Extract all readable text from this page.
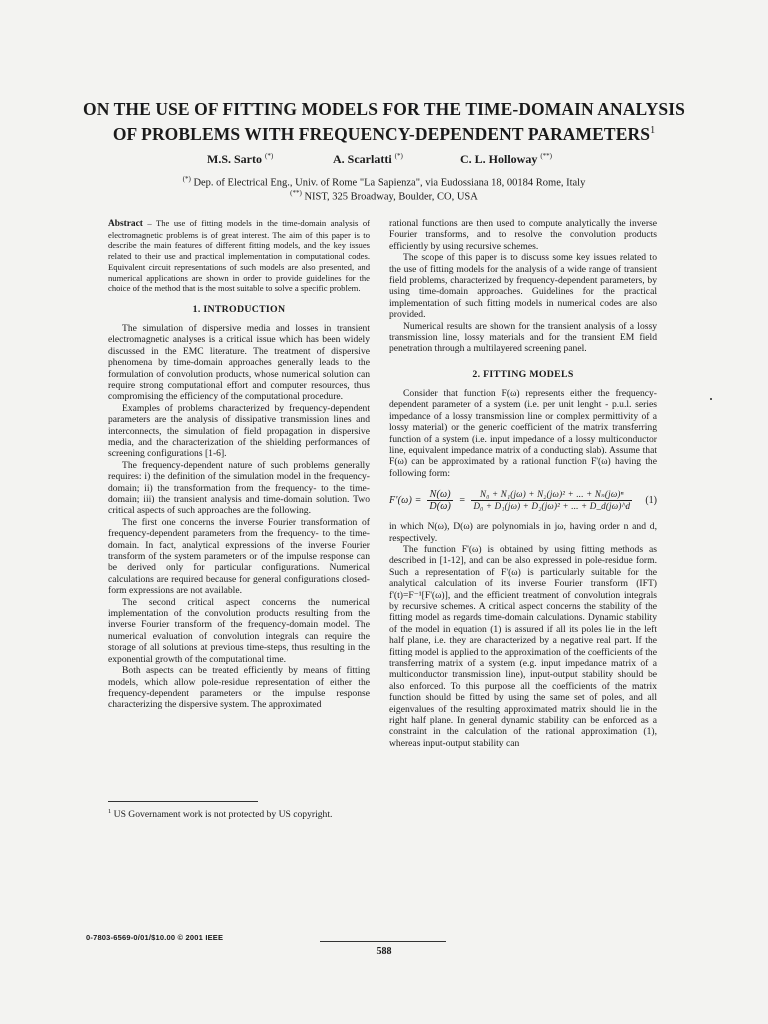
ON THE USE OF FITTING MODELS FOR THE TIME-DOMAIN ANALYSIS
OF PROBLEMS WITH FREQUENCY-DEPENDENT PARAMETERS$^1$
M.S. Sarto (*)	A. Scarlatti (*)	C. L. Holloway (**)
(*) Dep. of Electrical Eng., Univ. of Rome "La Sapienza", via Eudossiana 18, 00184 Rome, Italy
(**) NIST, 325 Broadway, Boulder, CO, USA

Abstract – The use of fitting models in the time-domain analysis of electromagnetic problems is of great interest. The aim of this paper is to describe the main features of different fitting models, and the key issues related to their use and practical implementation in computational codes. Equivalent circuit representations of such models are also presented, and numerical applications are shown in order to provide guidelines for the choice of the method that is the most suitable to solve a specific problem.

1. INTRODUCTION

The simulation of dispersive media and losses in transient electromagnetic analyses is a critical issue which has been widely discussed in the EMC literature. The treatment of dispersive phenomena by time-domain approaches generally leads to the formulation of convolution products, whose numerical solution can require strong computational effort and computer resources, thus compromising the efficiency of the computational procedure.

Examples of problems characterized by frequency-dependent parameters are the analysis of dissipative transmission lines and interconnects, the simulation of field propagation in dispersive media, and the characterization of the shielding performances of screening configurations [1-6].

The frequency-dependent nature of such problems generally requires: i) the definition of the simulation model in the frequency-domain; ii) the transformation from the frequency- to the time-domain; iii) the transient analysis and time-domain solution. Two critical aspects of such approaches are the following.

The first one concerns the inverse Fourier transformation of frequency-dependent parameters from the frequency- to the time-domain. In fact, analytical expressions of the inverse Fourier transform of the system parameters or of the impulse response can be derived only for particular configurations. Numerical calculations are required because for general configurations closed-form expressions are not available.

The second critical aspect concerns the numerical implementation of the convolution products resulting from the inverse Fourier transform of the frequency-domain model. The numerical evaluation of convolution integrals can require the storage of all solutions at previous time-steps, thus resulting in the exponential growth of the computational time.

Both aspects can be treated efficiently by means of fitting models, which allow pole-residue representation of either the frequency-dependent parameters or the impulse response characterizing the dispersive system. The approximated

rational functions are then used to compute analytically the inverse Fourier transforms, and to resolve the convolution products efficiently by using recursive schemes.

The scope of this paper is to discuss some key issues related to the use of fitting models for the analysis of a wide range of transient field problems, characterized by frequency-dependent parameters, by using time-domain approaches. Guidelines for the practical implementation of such fitting models in numerical codes are also provided.

Numerical results are shown for the transient analysis of a lossy transmission line, lossy materials and for the transient EM field penetration through a multilayered screening panel.

2. FITTING MODELS

Consider that function F(ω) represents either the frequency-dependent parameter of a system (i.e. per unit lenght - p.u.l. series impedance of a lossy transmission line or complex permittivity of a lossy material) or the generic coefficient of the matrix transferring function of a system (i.e. input impedance of a lossy multiconductor line, equivalent impedance matrix of a conducting slab). Assume that F(ω) can be approximated by a rational function F'(ω) having the following form:

$F'(\omega) = \frac{N(\omega)}{D(\omega)} = \frac{\text{N₀ + N₁(jω) + N₂(jω)² + ... + Nₙ(jω)ⁿ}}{\text{D₀ + D₁(jω) + D₂(jω)² + ... + D\_d(jω)\textasciicircum{}d}} (1)$

in which N(ω), D(ω) are polynomials in jω, having order n and d, respectively.

The function F'(ω) is obtained by using fitting methods as described in [1-12], and can be also expressed in pole-residue form. Such a representation of F'(ω) is particularly suitable for the analytical calculation of its inverse Fourier transform (IFT) f'(t)=F⁻¹[F'(ω)], and the efficient treatment of convolution integrals by recursive schemes. A critical aspect concerns the stability of the fitting model as regards time-domain calculations. Dynamic stability of the model in equation (1) is assured if all its poles lie in the left half plane, i.e. they are characterized by a negative real part. If the fitting model is applied to the approximation of the coefficients of the transferring matrix of a system (e.g. input impedance matrix of a multiconductor transmission line), input-output stability should be also enforced. To this purpose all the coefficients of the matrix function should be fitted by using the same set of poles, and all eigenvalues of the resulting approximated matrix should lie in the right half plane. In general dynamic stability can be enforced as a constraint in the calculation of the rational approximation (1), whereas input-output stability can

$^1$ US Governament work is not protected by US copyright.
0-7803-6569-0/01/$10.00 © 2001 IEEE
588
